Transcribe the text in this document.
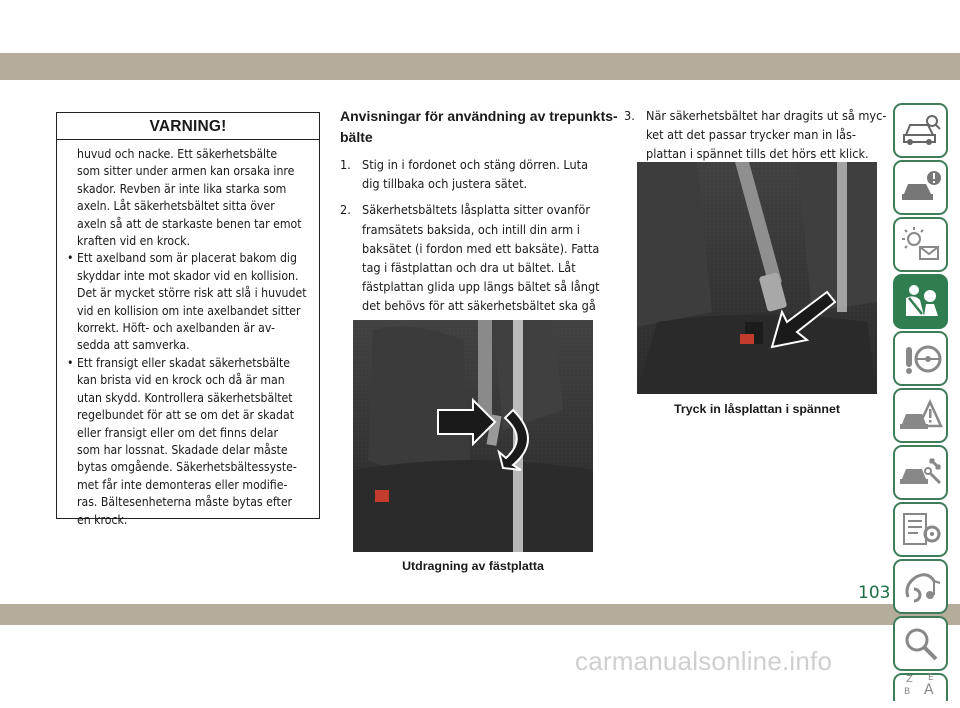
VARNING!
huvud och nacke. Ett säkerhetsbälte
som sitter under armen kan orsaka inre
skador. Revben är inte lika starka som
axeln. Låt säkerhetsbältet sitta över
axeln så att de starkaste benen tar emot
kraften vid en krock.
• Ett axelband som är placerat bakom dig
skyddar inte mot skador vid en kollision.
Det är mycket större risk att slå i huvudet
vid en kollision om inte axelbandet sitter
korrekt. Höft- och axelbanden är av-
sedda att samverka.
• Ett fransigt eller skadat säkerhetsbälte
kan brista vid en krock och då är man
utan skydd. Kontrollera säkerhetsbältet
regelbundet för att se om det är skadat
eller fransigt eller om det finns delar
som har lossnat. Skadade delar måste
bytas omgående. Säkerhetsbältessyste-
met får inte demonteras eller modifie-
ras. Bältesenheterna måste bytas efter
en krock.
Anvisningar för användning av trepunkts-
bälte
1. Stig in i fordonet och stäng dörren. Luta
dig tillbaka och justera sätet.
2. Säkerhetsbältets låsplatta sitter ovanför
framsätets baksida, och intill din arm i
baksätet (i fordon med ett baksäte). Fatta
tag i fästplattan och dra ut bältet. Låt
fästplattan glida upp längs bältet så långt
det behövs för att säkerhetsbältet ska gå
Utdragning av fästplatta
3. När säkerhetsbältet har dragits ut så myc-
ket att det passar trycker man in lås-
plattan i spännet tills det hörs ett klick.
Tryck in låsplattan i spännet
Z E
B A
103
carmanualsonline.info
